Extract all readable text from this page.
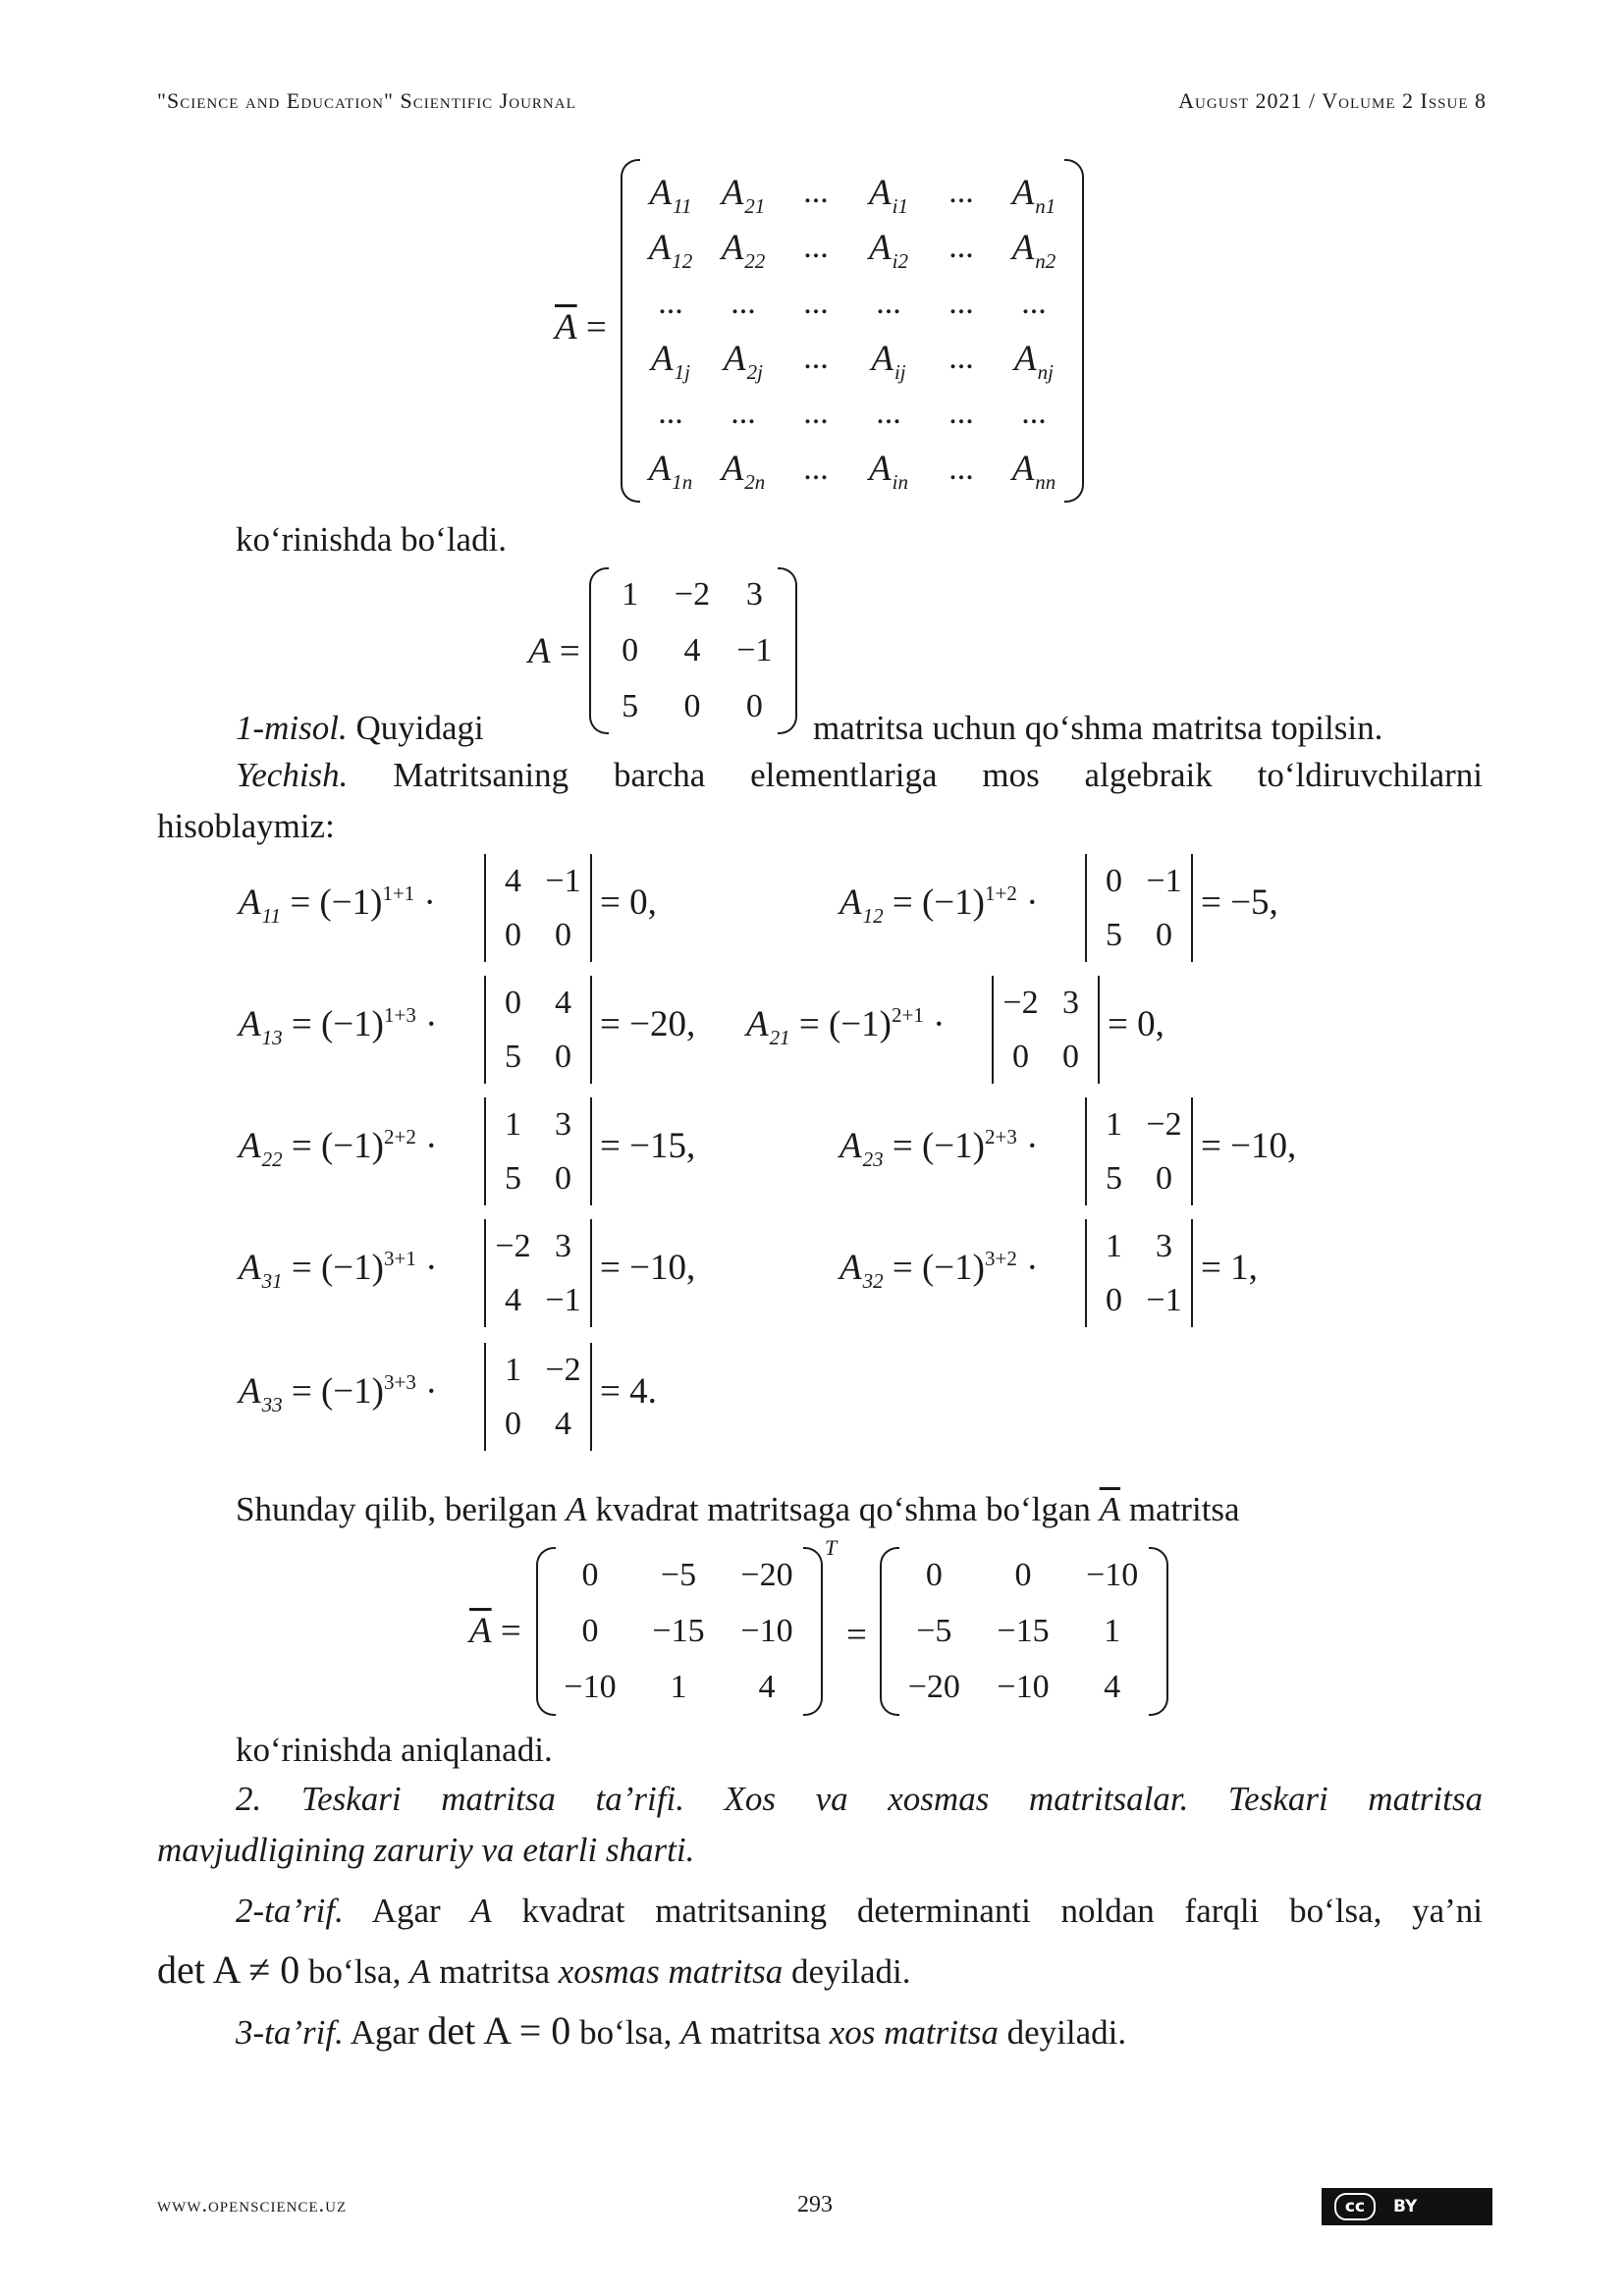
"Science and Education" Scientific Journal	August 2021 / Volume 2 Issue 8
$\overline{A}$ =
$A_{11}$ $A_{21}$ ... $A_{i1}$ ... $A_{n1}$
$A_{12}$ $A_{22}$ ... $A_{i2}$ ... $A_{n2}$
... ... ... ... ... ...
$A_{1j}$ $A_{2j}$ ... $A_{ij}$ ... $A_{nj}$
... ... ... ... ... ...
$A_{1n}$ $A_{2n}$ ... $A_{in}$ ... $A_{nn}$
ko‘rinishda bo‘ladi.
A =
1 −2 3
0 4 −1
5 0 0
1-misol. Quyidagi	matritsa uchun qo‘shma matritsa topilsin.
Yechish. Matritsaning barcha elementlariga mos algebraik to‘ldiruvchilarni
hisoblaymiz:
$A_{11} = (-1)^{1+1}$ ·
4 −1
0 0
= 0,	$A_{12} = (-1)^{1+2}$ ·
0 −1
5 0
= −5,
$A_{13} = (-1)^{1+3}$ ·
0 4
5 0
= −20, $A_{21} = (-1)^{2+1}$ ·
−2 3
0 0
= 0,
$A_{22} = (-1)^{2+2}$ ·
1 3
5 0
= −15,	$A_{23} = (-1)^{2+3}$ ·
1 −2
5 0
= −10,
$A_{31} = (-1)^{3+1}$ ·
−2 3
4 −1
= −10,	$A_{32} = (-1)^{3+2}$ ·
1 3
0 −1
= 1,
$A_{33} = (-1)^{3+3}$ ·
1 −2
0 4
= 4.
Shunday qilib, berilgan A kvadrat matritsaga qo‘shma bo‘lgan $\overline{A}$ matritsa
$\overline{A}$ =
0 −5 −20
0 −15 −10
−10 1 4
T
=
0 0 −10
−5 −15 1
−20 −10 4
ko‘rinishda aniqlanadi.
2. Teskari matritsa ta’rifi. Xos va xosmas matritsalar. Teskari matritsa
mavjudligining zaruriy va etarli sharti.
2-ta’rif. Agar A kvadrat matritsaning determinanti noldan farqli bo‘lsa, ya’ni
det A ≠ 0 bo‘lsa, A matritsa xosmas matritsa deyiladi.
3-ta’rif. Agar det A = 0 bo‘lsa, A matritsa xos matritsa deyiladi.
www.openscience.uz	293	cc BY
